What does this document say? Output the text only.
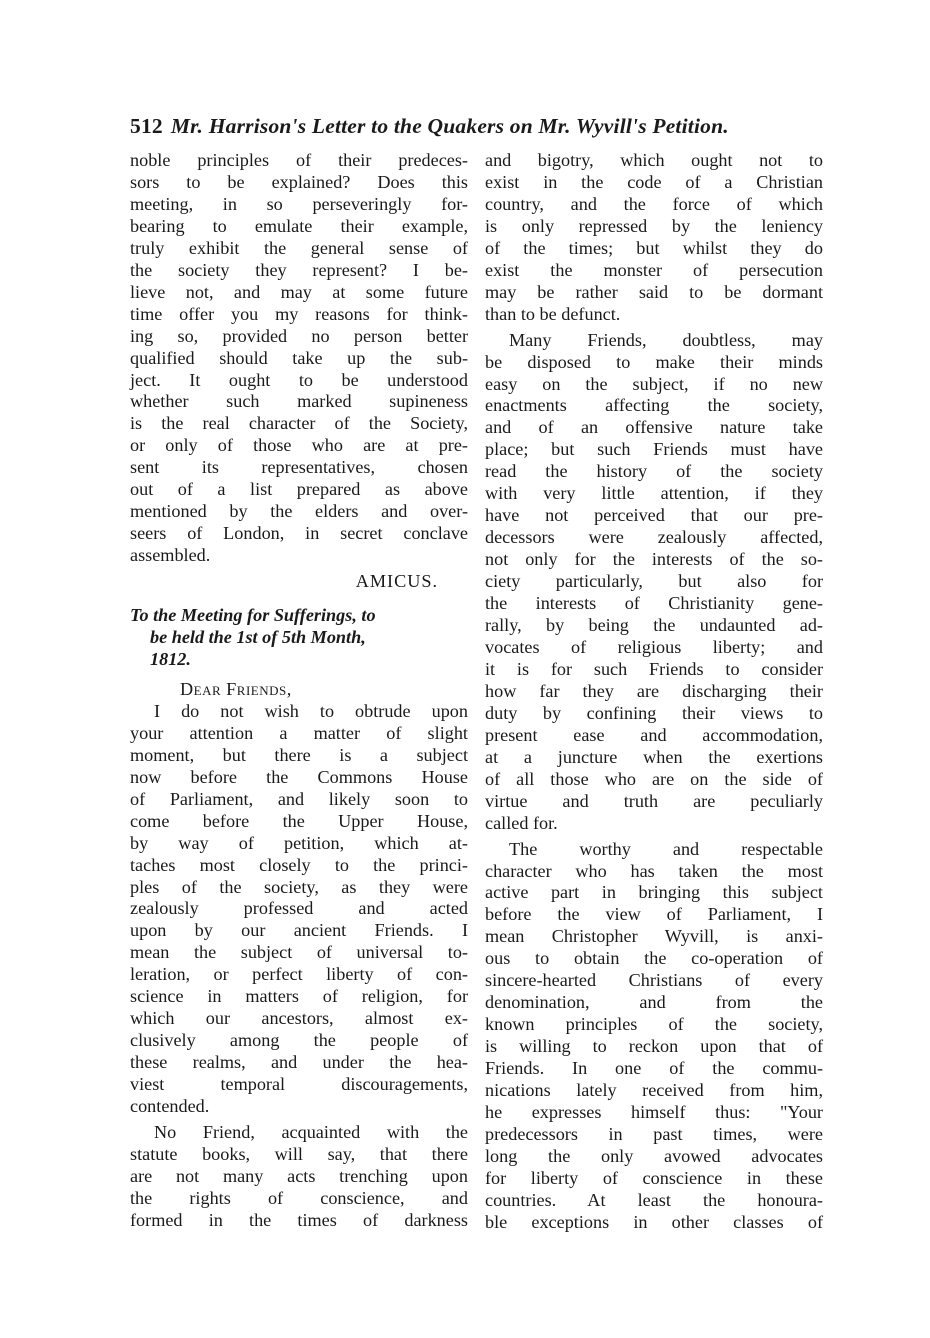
512 Mr. Harrison's Letter to the Quakers on Mr. Wyvill's Petition.
noble principles of their predeces-
sors to be explained? Does this
meeting, in so perseveringly for-
bearing to emulate their example,
truly exhibit the general sense of
the society they represent? I be-
lieve not, and may at some future
time offer you my reasons for think-
ing so, provided no person better
qualified should take up the sub-
ject. It ought to be understood
whether such marked supineness
is the real character of the Society,
or only of those who are at pre-
sent its representatives, chosen
out of a list prepared as above
mentioned by the elders and over-
seers of London, in secret conclave
assembled.
AMICUS.
To the Meeting for Sufferings, to
be held the 1st of 5th Month,
1812.
Dear Friends,
I do not wish to obtrude upon
your attention a matter of slight
moment, but there is a subject
now before the Commons House
of Parliament, and likely soon to
come before the Upper House,
by way of petition, which at-
taches most closely to the princi-
ples of the society, as they were
zealously professed and acted
upon by our ancient Friends. I
mean the subject of universal to-
leration, or perfect liberty of con-
science in matters of religion, for
which our ancestors, almost ex-
clusively among the people of
these realms, and under the hea-
viest temporal discouragements,
contended.
No Friend, acquainted with the
statute books, will say, that there
are not many acts trenching upon
the rights of conscience, and
formed in the times of darkness
and bigotry, which ought not to
exist in the code of a Christian
country, and the force of which
is only repressed by the leniency
of the times; but whilst they do
exist the monster of persecution
may be rather said to be dormant
than to be defunct.
Many Friends, doubtless, may
be disposed to make their minds
easy on the subject, if no new
enactments affecting the society,
and of an offensive nature take
place; but such Friends must have
read the history of the society
with very little attention, if they
have not perceived that our pre-
decessors were zealously affected,
not only for the interests of the so-
ciety particularly, but also for
the interests of Christianity gene-
rally, by being the undaunted ad-
vocates of religious liberty; and
it is for such Friends to consider
how far they are discharging their
duty by confining their views to
present ease and accommodation,
at a juncture when the exertions
of all those who are on the side of
virtue and truth are peculiarly
called for.
The worthy and respectable
character who has taken the most
active part in bringing this subject
before the view of Parliament, I
mean Christopher Wyvill, is anxi-
ous to obtain the co-operation of
sincere-hearted Christians of every
denomination, and from the
known principles of the society,
is willing to reckon upon that of
Friends. In one of the commu-
nications lately received from him,
he expresses himself thus: "Your
predecessors in past times, were
long the only avowed advocates
for liberty of conscience in these
countries. At least the honoura-
ble exceptions in other classes of
